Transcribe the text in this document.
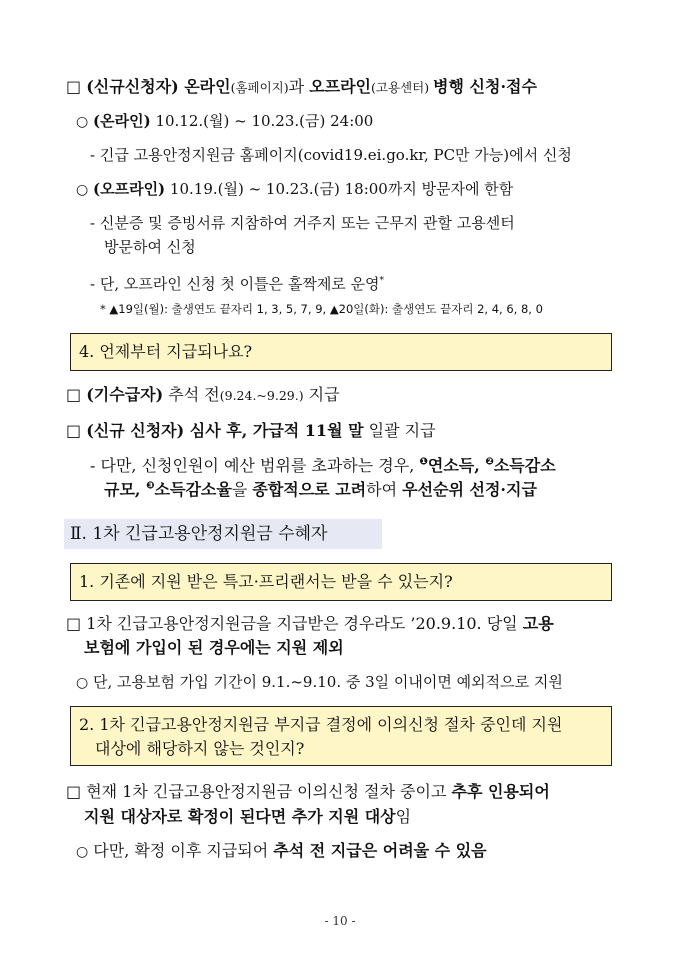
□ (신규신청자) 온라인(홈페이지)과 오프라인(고용센터) 병행 신청·접수
○ (온라인) 10.12.(월) ~ 10.23.(금) 24:00
- 긴급 고용안정지원금 홈페이지(covid19.ei.go.kr, PC만 가능)에서 신청
○ (오프라인) 10.19.(월) ~ 10.23.(금) 18:00까지 방문자에 한함
- 신분증 및 증빙서류 지참하여 거주지 또는 근무지 관할 고용센터
방문하여 신청
- 단, 오프라인 신청 첫 이틀은 홀짝제로 운영*
* ▲19일(월): 출생연도 끝자리 1, 3, 5, 7, 9, ▲20일(화): 출생연도 끝자리 2, 4, 6, 8, 0
4. 언제부터 지급되나요?
□ (기수급자) 추석 전(9.24.~9.29.) 지급
□ (신규 신청자) 심사 후, 가급적 11월 말 일괄 지급
- 다만, 신청인원이 예산 범위를 초과하는 경우, $^❶$연소득, $^❷$소득감소
규모, $^❸$소득감소율을 종합적으로 고려하여 우선순위 선정·지급
Ⅱ. 1차 긴급고용안정지원금 수혜자
1. 기존에 지원 받은 특고·프리랜서는 받을 수 있는지?
□ 1차 긴급고용안정지원금을 지급받은 경우라도 ’20.9.10. 당일 고용
보험에 가입이 된 경우에는 지원 제외
○ 단, 고용보험 가입 기간이 9.1.~9.10. 중 3일 이내이면 예외적으로 지원
2. 1차 긴급고용안정지원금 부지급 결정에 이의신청 절차 중인데 지원
대상에 해당하지 않는 것인지?
□ 현재 1차 긴급고용안정지원금 이의신청 절차 중이고 추후 인용되어
지원 대상자로 확정이 된다면 추가 지원 대상임
○ 다만, 확정 이후 지급되어 추석 전 지급은 어려울 수 있음
- 10 -
